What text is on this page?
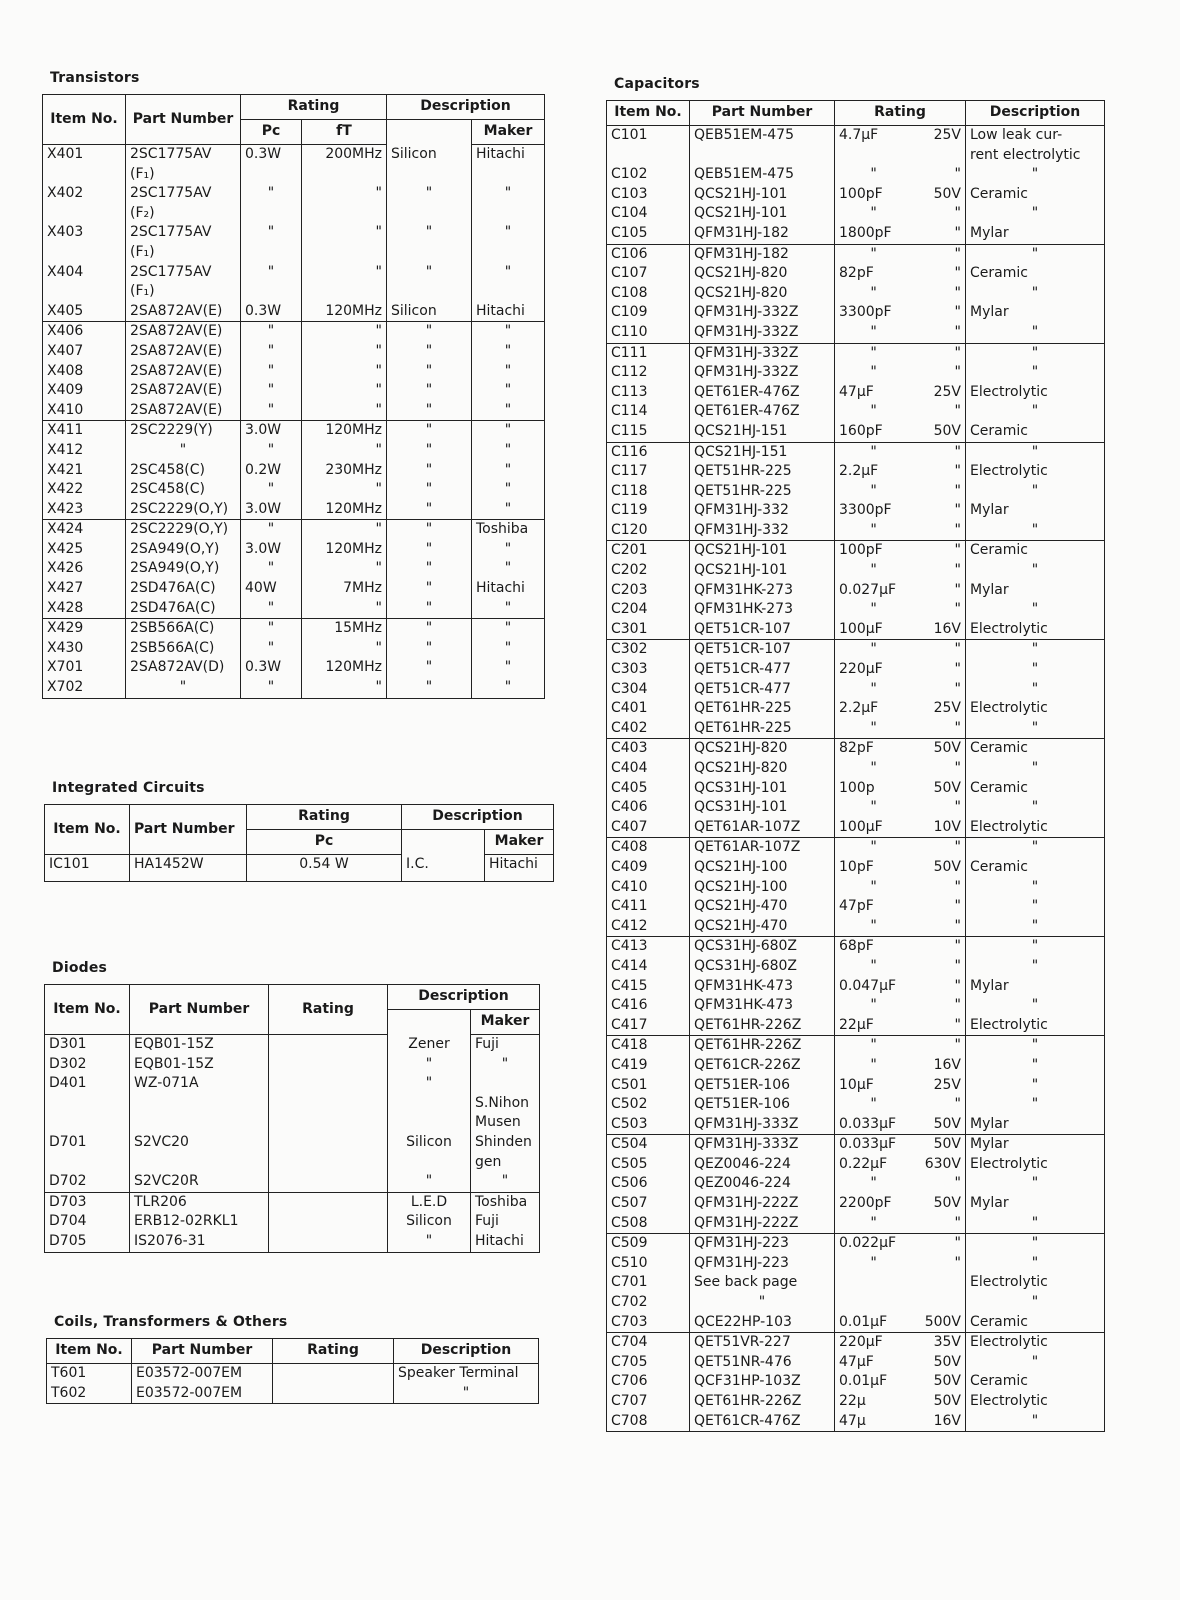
Transistors
Item No.	Part Number	Rating		Description	
		Pc	fT		Maker
X401	2SC1775AV	0.3W	200MHz	Silicon	Hitachi
	(F₁)				
X402	2SC1775AV	"	"	"	"
	(F₂)				
X403	2SC1775AV	"	"	"	"
	(F₁)				
X404	2SC1775AV	"	"	"	"
	(F₁)				
X405	2SA872AV(E)	0.3W	120MHz	Silicon	Hitachi
X406	2SA872AV(E)	"	"	"	"
X407	2SA872AV(E)	"	"	"	"
X408	2SA872AV(E)	"	"	"	"
X409	2SA872AV(E)	"	"	"	"
X410	2SA872AV(E)	"	"	"	"
X411	2SC2229(Y)	3.0W	120MHz	"	"
X412	"	"	"	"	"
X421	2SC458(C)	0.2W	230MHz	"	"
X422	2SC458(C)	"	"	"	"
X423	2SC2229(O,Y)	3.0W	120MHz	"	"
X424	2SC2229(O,Y)	"	"	"	Toshiba
X425	2SA949(O,Y)	3.0W	120MHz	"	"
X426	2SA949(O,Y)	"	"	"	"
X427	2SD476A(C)	40W	7MHz	"	Hitachi
X428	2SD476A(C)	"	"	"	"
X429	2SB566A(C)	"	15MHz	"	"
X430	2SB566A(C)	"	"	"	"
X701	2SA872AV(D)	0.3W	120MHz	"	"
X702	"	"	"	"	"

Integrated Circuits
Item No.	Part Number	Rating	Description	
		Pc		Maker
IC101	HA1452W	0.54 W	I.C.	Hitachi

Diodes
Item No.	Part Number	Rating	Description	
				Maker
D301	EQB01-15Z		Zener	Fuji
D302	EQB01-15Z		"	"
D401	WZ-071A		"	
				S.Nihon
				Musen
D701	S2VC20		Silicon	Shinden
				gen
D702	S2VC20R		"	"
D703	TLR206		L.E.D	Toshiba
D704	ERB12-02RKL1		Silicon	Fuji
D705	IS2076-31		"	Hitachi
Coils, Transformers & Others
Item No.	Part Number	Rating	Description
T601	E03572-007EM		Speaker Terminal
T602	E03572-007EM		"
Capacitors
Item No.	Part Number	Rating		Description
C101	QEB51EM-475	4.7µF	25V	Low leak cur-
				rent electrolytic
C102	QEB51EM-475	"	"	"
C103	QCS21HJ-101	100pF	50V	Ceramic
C104	QCS21HJ-101	"	"	"
C105	QFM31HJ-182	1800pF	"	Mylar
C106	QFM31HJ-182	"	"	"
C107	QCS21HJ-820	82pF	"	Ceramic
C108	QCS21HJ-820	"	"	"
C109	QFM31HJ-332Z	3300pF	"	Mylar
C110	QFM31HJ-332Z	"	"	"
C111	QFM31HJ-332Z	"	"	"
C112	QFM31HJ-332Z	"	"	"
C113	QET61ER-476Z	47µF	25V	Electrolytic
C114	QET61ER-476Z	"	"	"
C115	QCS21HJ-151	160pF	50V	Ceramic
C116	QCS21HJ-151	"	"	"
C117	QET51HR-225	2.2µF	"	Electrolytic
C118	QET51HR-225	"	"	"
C119	QFM31HJ-332	3300pF	"	Mylar
C120	QFM31HJ-332	"	"	"
C201	QCS21HJ-101	100pF	"	Ceramic
C202	QCS21HJ-101	"	"	"
C203	QFM31HK-273	0.027µF	"	Mylar
C204	QFM31HK-273	"	"	"
C301	QET51CR-107	100µF	16V	Electrolytic
C302	QET51CR-107	"	"	"
C303	QET51CR-477	220µF	"	"
C304	QET51CR-477	"	"	"
C401	QET61HR-225	2.2µF	25V	Electrolytic
C402	QET61HR-225	"	"	"
C403	QCS21HJ-820	82pF	50V	Ceramic
C404	QCS21HJ-820	"	"	"
C405	QCS31HJ-101	100p	50V	Ceramic
C406	QCS31HJ-101	"	"	"
C407	QET61AR-107Z	100µF	10V	Electrolytic
C408	QET61AR-107Z	"	"	"
C409	QCS21HJ-100	10pF	50V	Ceramic
C410	QCS21HJ-100	"	"	"
C411	QCS21HJ-470	47pF	"	"
C412	QCS21HJ-470	"	"	"
C413	QCS31HJ-680Z	68pF	"	"
C414	QCS31HJ-680Z	"	"	"
C415	QFM31HK-473	0.047µF	"	Mylar
C416	QFM31HK-473	"	"	"
C417	QET61HR-226Z	22µF	"	Electrolytic
C418	QET61HR-226Z	"	"	"
C419	QET61CR-226Z	"	16V	"
C501	QET51ER-106	10µF	25V	"
C502	QET51ER-106	"	"	"
C503	QFM31HJ-333Z	0.033µF	50V	Mylar
C504	QFM31HJ-333Z	0.033µF	50V	Mylar
C505	QEZ0046-224	0.22µF	630V	Electrolytic
C506	QEZ0046-224	"	"	"
C507	QFM31HJ-222Z	2200pF	50V	Mylar
C508	QFM31HJ-222Z	"	"	"
C509	QFM31HJ-223	0.022µF	"	"
C510	QFM31HJ-223	"	"	"
C701	See back page			Electrolytic
C702	"			"
C703	QCE22HP-103	0.01µF	500V	Ceramic
C704	QET51VR-227	220µF	35V	Electrolytic
C705	QET51NR-476	47µF	50V	"
C706	QCF31HP-103Z	0.01µF	50V	Ceramic
C707	QET61HR-226Z	22µ	50V	Electrolytic
C708	QET61CR-476Z	47µ	16V	"
